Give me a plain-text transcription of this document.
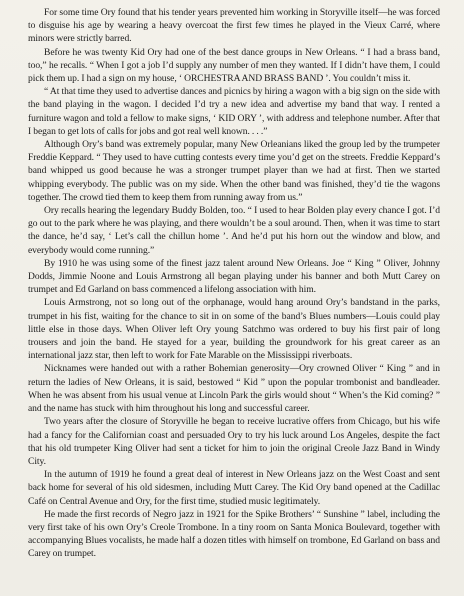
For some time Ory found that his tender years prevented him working in Storyville itself—he was forced to disguise his age by wearing a heavy overcoat the first few times he played in the Vieux Carré, where minors were strictly barred.

Before he was twenty Kid Ory had one of the best dance groups in New Orleans. “ I had a brass band, too,” he recalls. “ When I got a job I’d supply any number of men they wanted. If I didn’t have them, I could pick them up. I had a sign on my house, ‘ ORCHESTRA AND BRASS BAND ’. You couldn’t miss it.

“ At that time they used to advertise dances and picnics by hiring a wagon with a big sign on the side with the band playing in the wagon. I decided I’d try a new idea and advertise my band that way. I rented a furniture wagon and told a fellow to make signs, ‘ KID ORY ’, with address and telephone number. After that I began to get lots of calls for jobs and got real well known. . . .”

Although Ory’s band was extremely popular, many New Orleanians liked the group led by the trumpeter Freddie Keppard. “ They used to have cutting contests every time you’d get on the streets. Freddie Keppard’s band whipped us good because he was a stronger trumpet player than we had at first. Then we started whipping everybody. The public was on my side. When the other band was finished, they’d tie the wagons together. The crowd tied them to keep them from running away from us.”

Ory recalls hearing the legendary Buddy Bolden, too. “ I used to hear Bolden play every chance I got. I’d go out to the park where he was playing, and there wouldn’t be a soul around. Then, when it was time to start the dance, he’d say, ‘ Let’s call the chillun home ’. And he’d put his horn out the window and blow, and everybody would come running.”

By 1910 he was using some of the finest jazz talent around New Orleans. Joe “ King ” Oliver, Johnny Dodds, Jimmie Noone and Louis Armstrong all began playing under his banner and both Mutt Carey on trumpet and Ed Garland on bass commenced a lifelong association with him.

Louis Armstrong, not so long out of the orphanage, would hang around Ory’s bandstand in the parks, trumpet in his fist, waiting for the chance to sit in on some of the band’s Blues numbers—Louis could play little else in those days. When Oliver left Ory young Satchmo was ordered to buy his first pair of long trousers and join the band. He stayed for a year, building the groundwork for his great career as an international jazz star, then left to work for Fate Marable on the Mississippi riverboats.

Nicknames were handed out with a rather Bohemian generosity—Ory crowned Oliver “ King ” and in return the ladies of New Orleans, it is said, bestowed “ Kid ” upon the popular trombonist and bandleader. When he was absent from his usual venue at Lincoln Park the girls would shout “ When’s the Kid coming? ” and the name has stuck with him throughout his long and successful career.

Two years after the closure of Storyville he began to receive lucrative offers from Chicago, but his wife had a fancy for the Californian coast and persuaded Ory to try his luck around Los Angeles, despite the fact that his old trumpeter King Oliver had sent a ticket for him to join the original Creole Jazz Band in Windy City.

In the autumn of 1919 he found a great deal of interest in New Orleans jazz on the West Coast and sent back home for several of his old sidesmen, including Mutt Carey. The Kid Ory band opened at the Cadillac Café on Central Avenue and Ory, for the first time, studied music legitimately.

He made the first records of Negro jazz in 1921 for the Spike Brothers’ “ Sunshine ” label, including the very first take of his own Ory’s Creole Trombone. In a tiny room on Santa Monica Boulevard, together with accompanying Blues vocalists, he made half a dozen titles with himself on trombone, Ed Garland on bass and Carey on trumpet.
